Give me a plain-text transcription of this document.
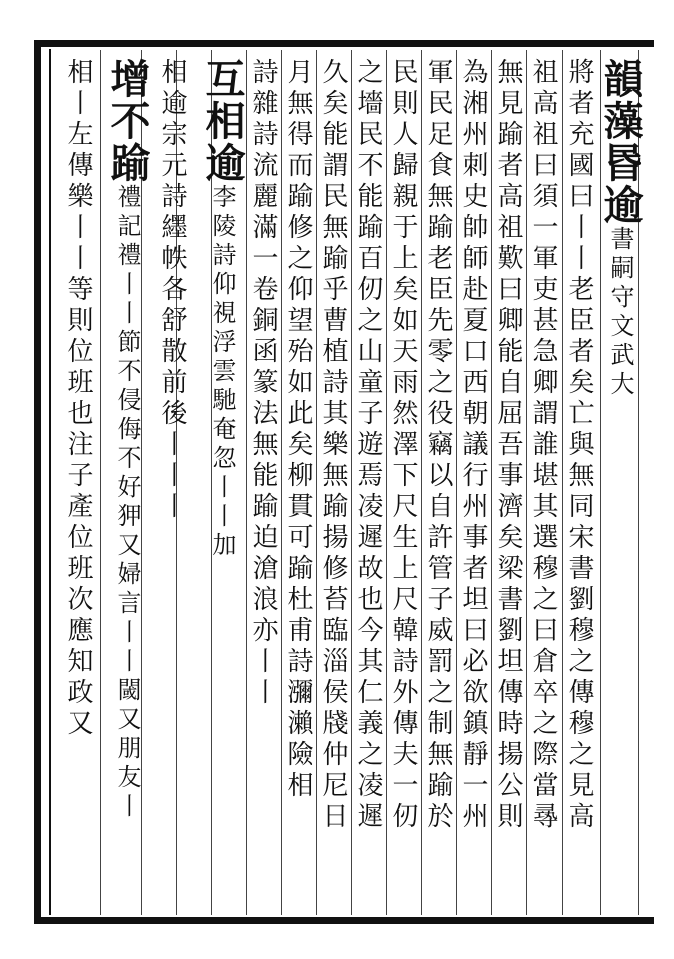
韻藻昬逾書嗣守文武大
將者充國曰丨丨老臣者矣亡與無同宋書劉穆之傳穆之見高
祖高祖曰須一軍吏甚急卿謂誰堪其選穆之曰倉卒之際當㝷
無見踰者高祖歎曰卿能自屈吾事濟矣梁書劉坦傳時揚公則
為湘州刺史帥師赴夏口西朝議行州事者坦曰必欲鎮靜一州
軍民足食無踰老臣先零之役竊以自許管子威罰之制無踰於
民則人歸親于上矣如天雨然澤下尺生上尺韓詩外傳夫一仞
之墻民不能踰百仞之山童子遊焉凌遲故也今其仁義之凌遲
久矣能謂民無踰乎曹植詩其樂無踰揚修苔臨淄侯牋仲尼日
月無得而踰修之仰望殆如此矣柳貫可踰杜甫詩瀰瀨險相
詩雜詩流麗滿一卷銅函篆法無能踰迫滄浪亦丨丨
互相逾李陵詩仰視浮雲馳奄忽丨丨加
相逾宗元詩纆帙各舒散前後丨丨丨
增不踰禮記禮丨丨節不侵侮不好狎又婦言丨丨閾又朋友丨
相丨左傳樂丨丨等則位班也注子產位班次應知政又
